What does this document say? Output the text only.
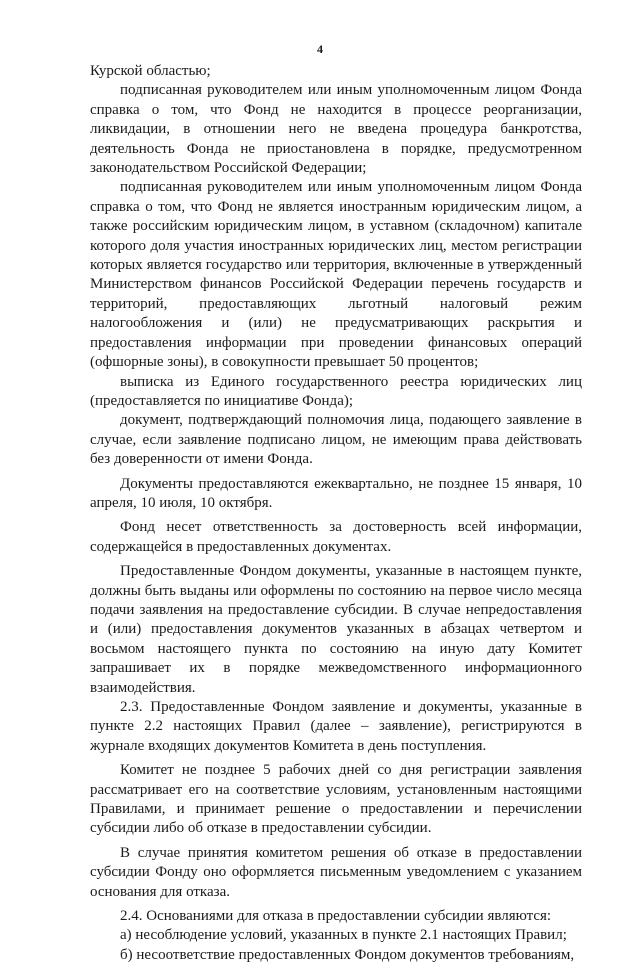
4

Курской областью;

подписанная руководителем или иным уполномоченным лицом Фонда справка о том, что Фонд не находится в процессе реорганизации, ликвидации, в отношении него не введена процедура банкротства, деятельность Фонда не приостановлена в порядке, предусмотренном законодательством Российской Федерации;

подписанная руководителем или иным уполномоченным лицом Фонда справка о том, что Фонд не является иностранным юридическим лицом, а также российским юридическим лицом, в уставном (складочном) капитале которого доля участия иностранных юридических лиц, местом регистрации которых является государство или территория, включенные в утвержденный Министерством финансов Российской Федерации перечень государств и территорий, предоставляющих льготный налоговый режим налогообложения и (или) не предусматривающих раскрытия и предоставления информации при проведении финансовых операций (офшорные зоны), в совокупности превышает 50 процентов;

выписка из Единого государственного реестра юридических лиц (предоставляется по инициативе Фонда);

документ, подтверждающий полномочия лица, подающего заявление в случае, если заявление подписано лицом, не имеющим права действовать без доверенности от имени Фонда.

Документы предоставляются ежеквартально, не позднее 15 января, 10 апреля, 10 июля, 10 октября.

Фонд несет ответственность за достоверность всей информации, содержащейся в предоставленных документах.

Предоставленные Фондом документы, указанные в настоящем пункте, должны быть выданы или оформлены по состоянию на первое число месяца подачи заявления на предоставление субсидии. В случае непредоставления и (или) предоставления документов указанных в абзацах четвертом и восьмом настоящего пункта по состоянию на иную дату Комитет запрашивает их в порядке межведомственного информационного взаимодействия.

2.3. Предоставленные Фондом заявление и документы, указанные в пункте 2.2 настоящих Правил (далее – заявление), регистрируются в журнале входящих документов Комитета в день поступления.

Комитет не позднее 5 рабочих дней со дня регистрации заявления рассматривает его на соответствие условиям, установленным настоящими Правилами, и принимает решение о предоставлении и перечислении субсидии либо об отказе в предоставлении субсидии.

В случае принятия комитетом решения об отказе в предоставлении субсидии Фонду оно оформляется письменным уведомлением с указанием основания для отказа.

2.4. Основаниями для отказа в предоставлении субсидии являются:

а) несоблюдение условий, указанных в пункте 2.1 настоящих Правил;

б) несоответствие предоставленных Фондом документов требованиям,
